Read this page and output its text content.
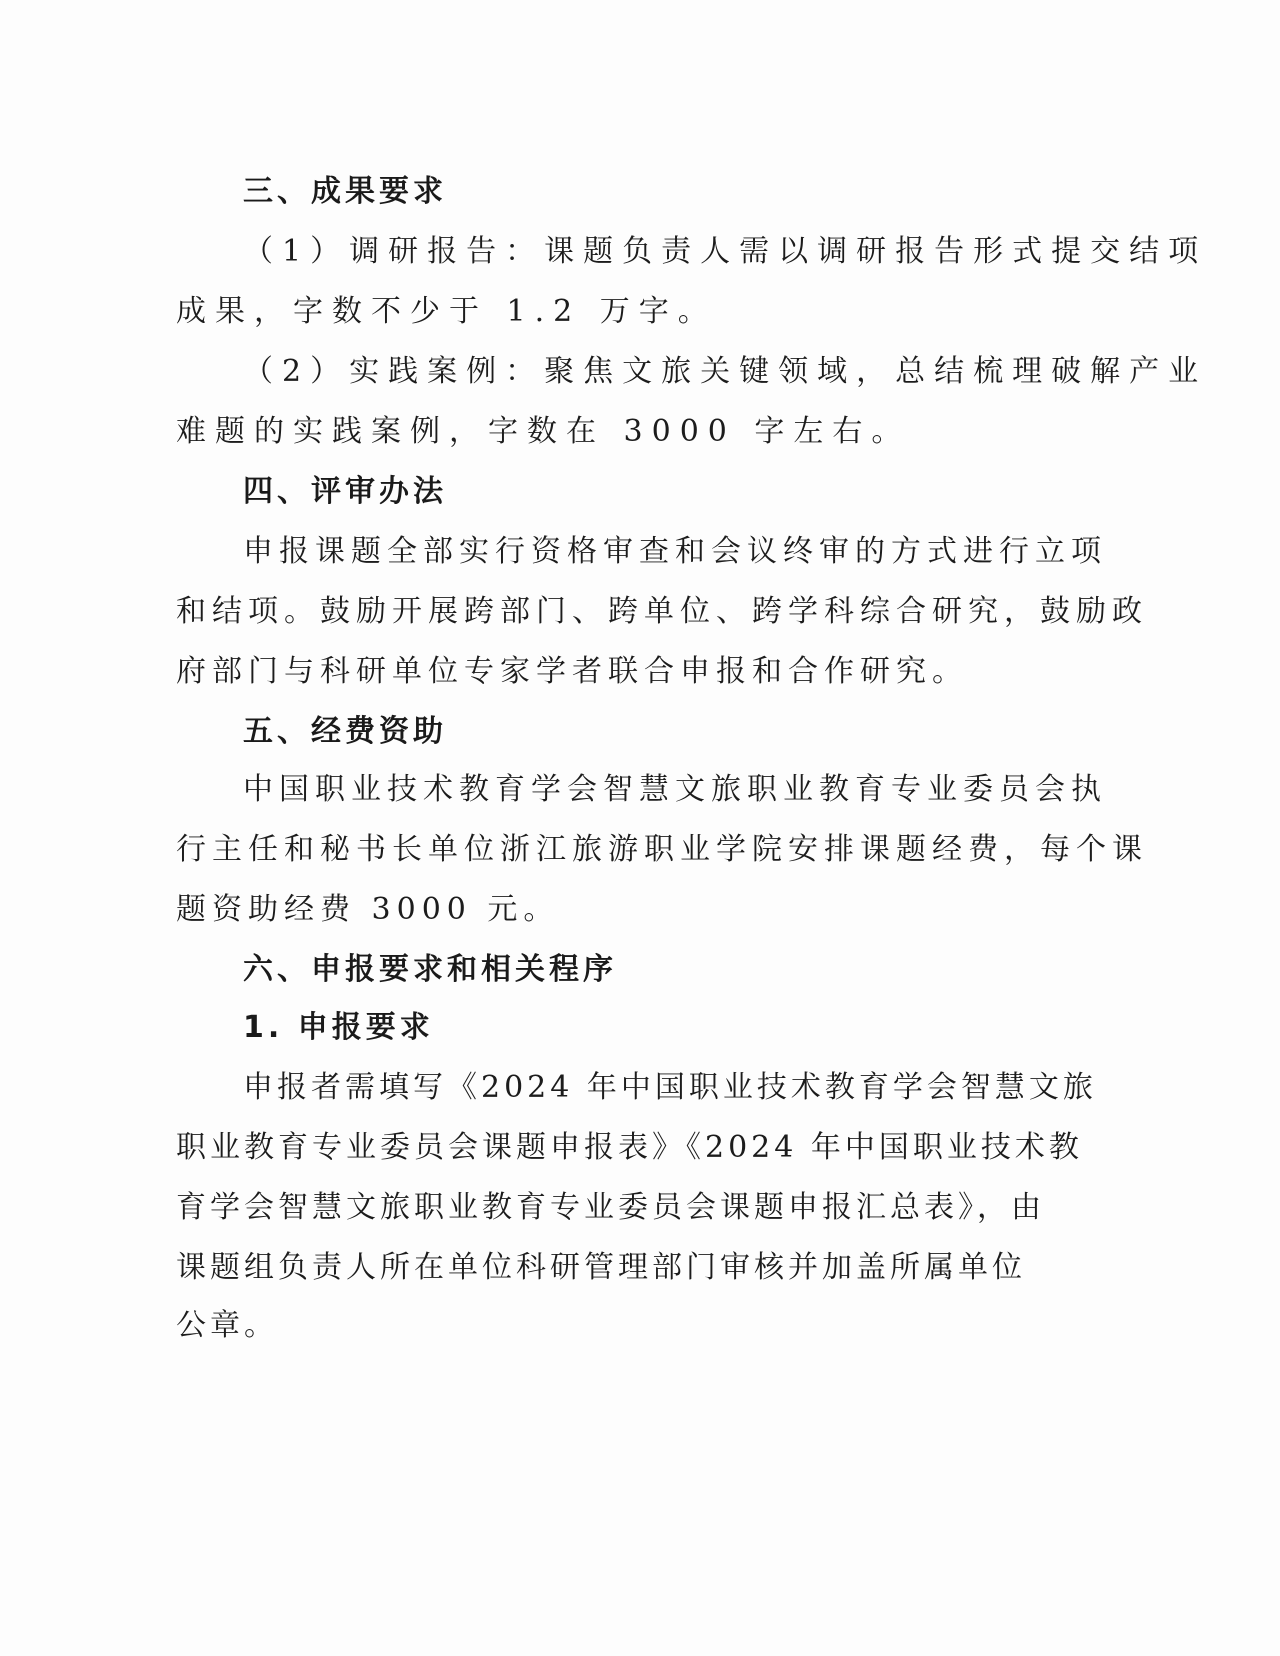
三、成果要求
（1）调研报告：课题负责人需以调研报告形式提交结项
成果，字数不少于 1.2 万字。
（2）实践案例：聚焦文旅关键领域，总结梳理破解产业
难题的实践案例，字数在 3000 字左右。
四、评审办法
申报课题全部实行资格审查和会议终审的方式进行立项
和结项。鼓励开展跨部门、跨单位、跨学科综合研究，鼓励政
府部门与科研单位专家学者联合申报和合作研究。
五、经费资助
中国职业技术教育学会智慧文旅职业教育专业委员会执
行主任和秘书长单位浙江旅游职业学院安排课题经费，每个课
题资助经费 3000 元。
六、申报要求和相关程序
1. 申报要求
申报者需填写《2024 年中国职业技术教育学会智慧文旅
职业教育专业委员会课题申报表》《2024 年中国职业技术教
育学会智慧文旅职业教育专业委员会课题申报汇总表》，由
课题组负责人所在单位科研管理部门审核并加盖所属单位
公章。
